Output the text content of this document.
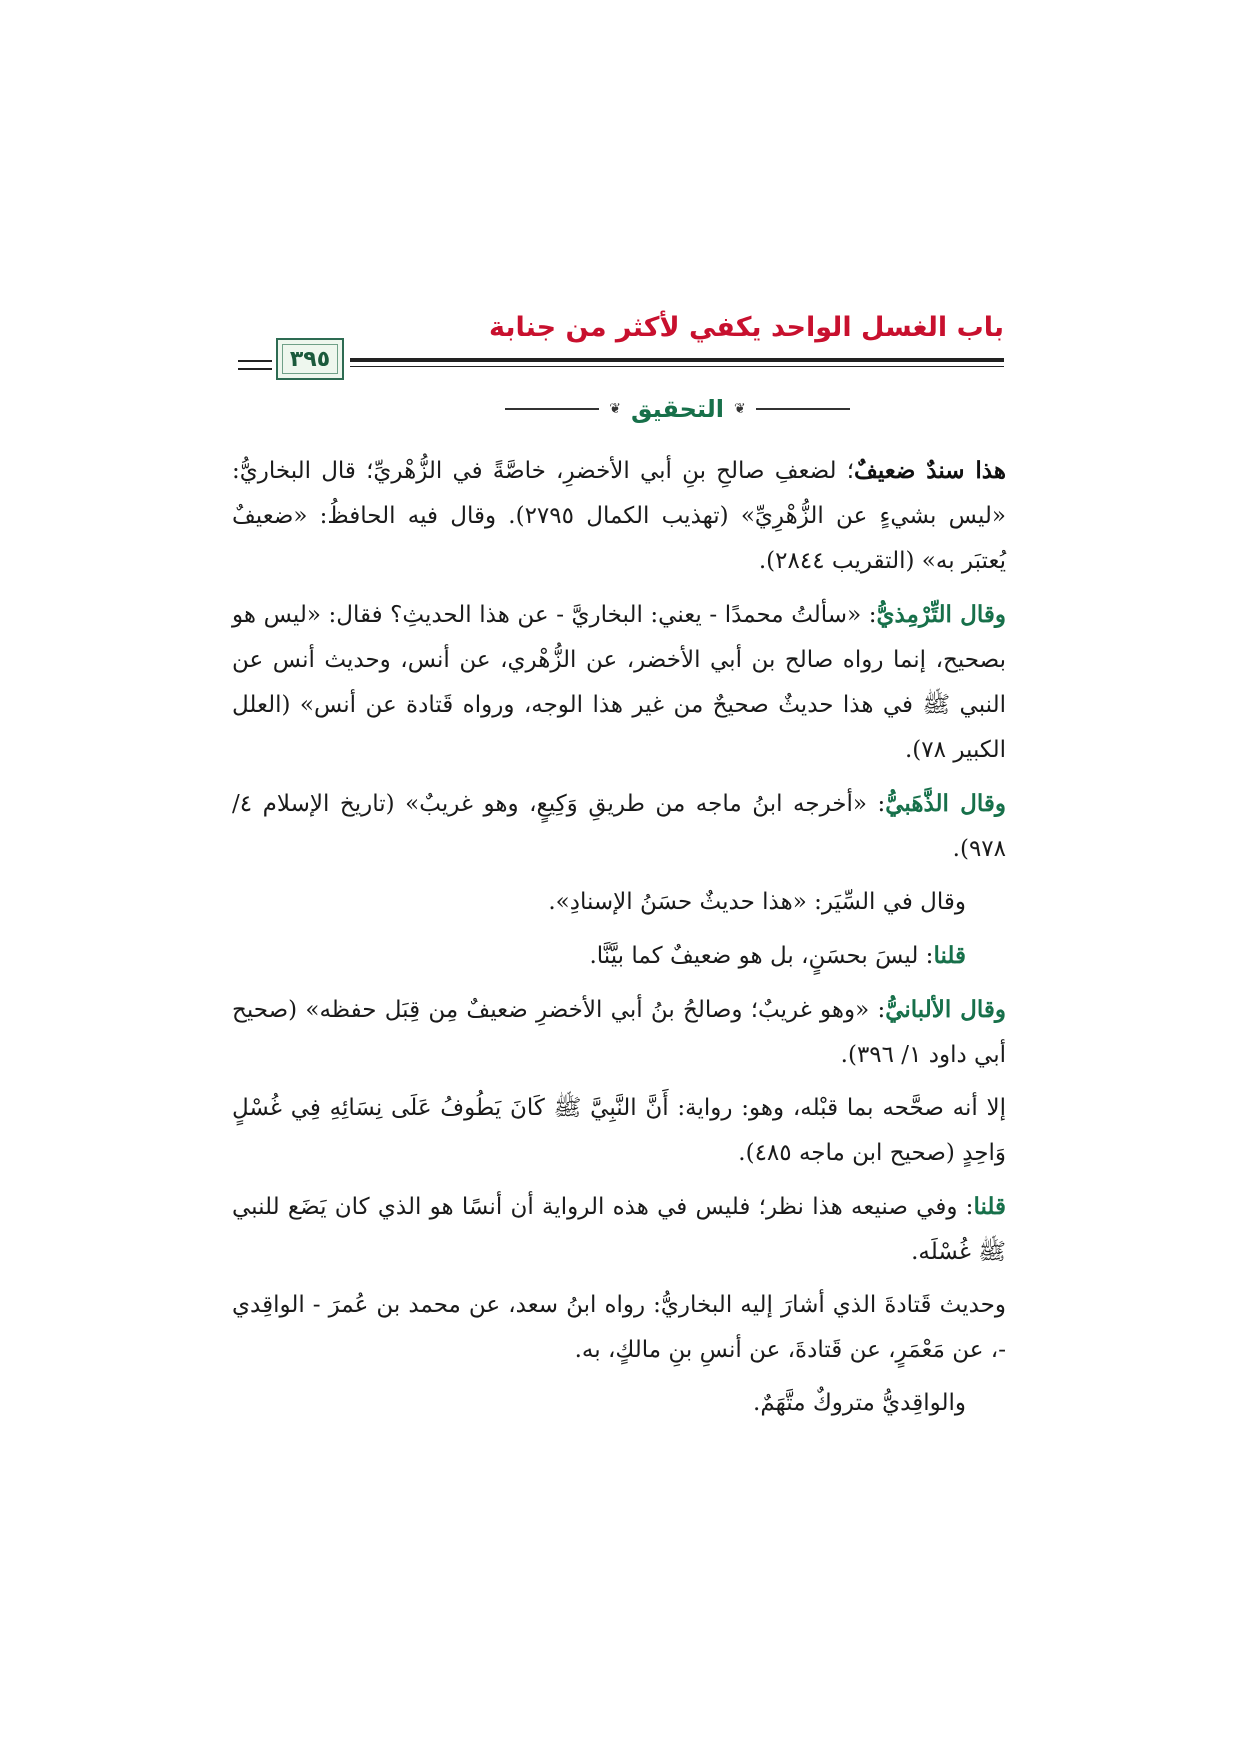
٣٩٥
باب الغسل الواحد يكفي لأكثر من جنابة
❦
التحقيق
❦

هذا سندٌ ضعيفٌ؛ لضعفِ صالحِ بنِ أبي الأخضرِ، خاصَّةً في الزُّهْريِّ؛ قال البخاريُّ: «ليس بشيءٍ عن الزُّهْرِيِّ» (تهذيب الكمال ٢٧٩٥). وقال فيه الحافظُ: «ضعيفٌ يُعتبَر به» (التقريب ٢٨٤٤).

وقال التِّرْمِذيُّ: «سألتُ محمدًا - يعني: البخاريَّ - عن هذا الحديثِ؟ فقال: «ليس هو بصحيح، إنما رواه صالح بن أبي الأخضر، عن الزُّهْري، عن أنس، وحديث أنس عن النبي ﷺ في هذا حديثٌ صحيحٌ من غير هذا الوجه، ورواه قَتادة عن أنس» (العلل الكبير ٧٨).

وقال الذَّهَبيُّ: «أخرجه ابنُ ماجه من طريقِ وَكِيعٍ، وهو غريبٌ» (تاريخ الإسلام ٤/ ٩٧٨).

وقال في السِّيَر: «هذا حديثٌ حسَنُ الإسنادِ».

قلنا: ليسَ بحسَنٍ، بل هو ضعيفٌ كما بيَّنَّا.

وقال الألبانيُّ: «وهو غريبٌ؛ وصالحُ بنُ أبي الأخضرِ ضعيفٌ مِن قِبَل حفظه» (صحيح أبي داود ١/ ٣٩٦).

إلا أنه صحَّحه بما قبْله، وهو: رواية: أَنَّ النَّبِيَّ ﷺ كَانَ يَطُوفُ عَلَى نِسَائِهِ فِي غُسْلٍ وَاحِدٍ (صحيح ابن ماجه ٤٨٥).

قلنا: وفي صنيعه هذا نظر؛ فليس في هذه الرواية أن أنسًا هو الذي كان يَضَع للنبي ﷺ غُسْلَه.

وحديث قَتادةَ الذي أشارَ إليه البخاريُّ: رواه ابنُ سعد، عن محمد بن عُمرَ - الواقِدي -، عن مَعْمَرٍ، عن قَتادةَ، عن أنسِ بنِ مالكٍ، به.

والواقِديُّ متروكٌ متَّهَمٌ.
